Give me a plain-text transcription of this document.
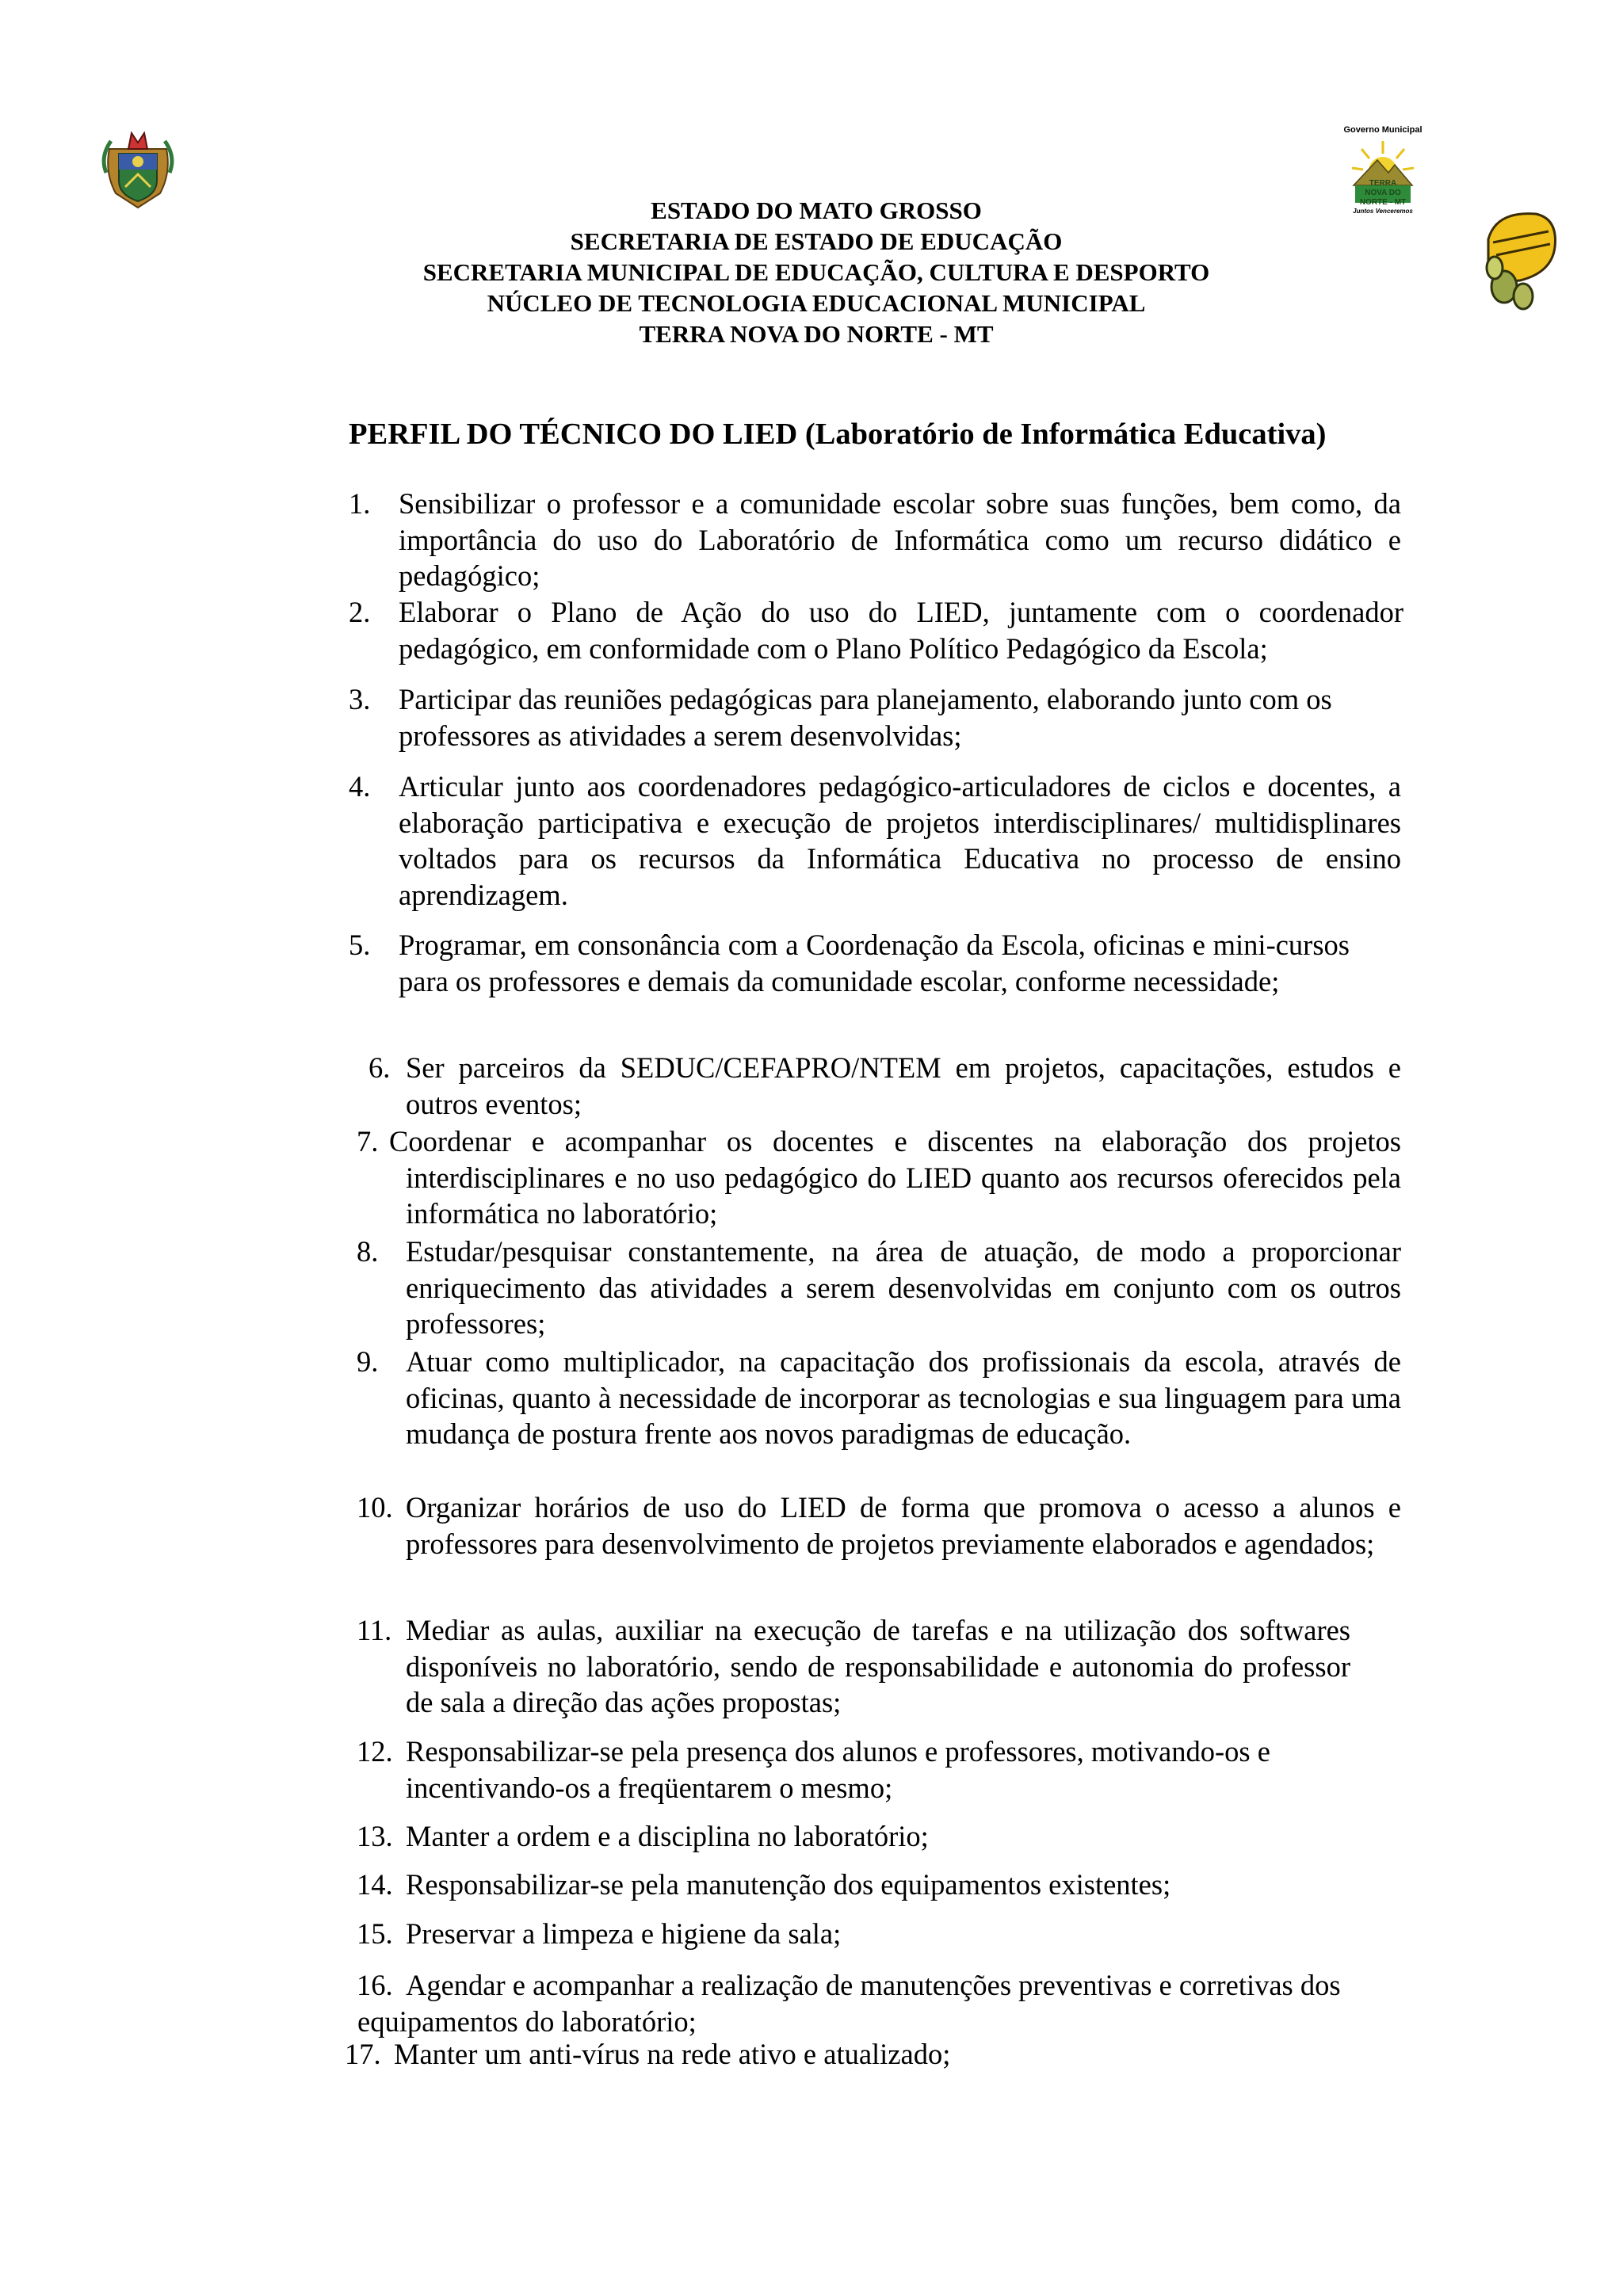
Governo Municipal
TERRA NOVA DO NORTE - MT
Juntos Venceremos
ESTADO DO MATO GROSSO
SECRETARIA DE ESTADO DE EDUCAÇÃO
SECRETARIA MUNICIPAL DE EDUCAÇÃO, CULTURA E DESPORTO
NÚCLEO DE TECNOLOGIA EDUCACIONAL MUNICIPAL
TERRA NOVA DO NORTE - MT
PERFIL DO TÉCNICO DO LIED (Laboratório de Informática Educativa)
1. Sensibilizar o professor e a comunidade escolar sobre suas funções, bem como, da importância do uso do Laboratório de Informática como um recurso didático e pedagógico;
2. Elaborar o Plano de Ação do uso do LIED, juntamente com o coordenador pedagógico, em conformidade com o Plano Político Pedagógico da Escola;
3. Participar das reuniões pedagógicas para planejamento, elaborando junto com os professores as atividades a serem desenvolvidas;
4. Articular junto aos coordenadores pedagógico-articuladores de ciclos e docentes, a elaboração participativa e execução de projetos interdisciplinares/ multidisplinares voltados para os recursos da Informática Educativa no processo de ensino aprendizagem.
5. Programar, em consonância com a Coordenação da Escola, oficinas e mini-cursos para os professores e demais da comunidade escolar, conforme necessidade;
6. Ser parceiros da SEDUC/CEFAPRO/NTEM em projetos, capacitações, estudos e outros eventos;
7. Coordenar e acompanhar os docentes e discentes na elaboração dos projetos interdisciplinares e no uso pedagógico do LIED quanto aos recursos oferecidos pela informática no laboratório;
8. Estudar/pesquisar constantemente, na área de atuação, de modo a proporcionar enriquecimento das atividades a serem desenvolvidas em conjunto com os outros professores;
9. Atuar como multiplicador, na capacitação dos profissionais da escola, através de oficinas, quanto à necessidade de incorporar as tecnologias e sua linguagem para uma mudança de postura frente aos novos paradigmas de educação.
10. Organizar horários de uso do LIED de forma que promova o acesso a alunos e professores para desenvolvimento de projetos previamente elaborados e agendados;
11. Mediar as aulas, auxiliar na execução de tarefas e na utilização dos softwares disponíveis no laboratório, sendo de responsabilidade e autonomia do professor de sala a direção das ações propostas;
12. Responsabilizar-se pela presença dos alunos e professores, motivando-os e incentivando-os a freqüentarem o mesmo;
13. Manter a ordem e a disciplina no laboratório;
14. Responsabilizar-se pela manutenção dos equipamentos existentes;
15. Preservar a limpeza e higiene da sala;
16. Agendar e acompanhar a realização de manutenções preventivas e corretivas dos equipamentos do laboratório;
17. Manter um anti-vírus na rede ativo e atualizado;
